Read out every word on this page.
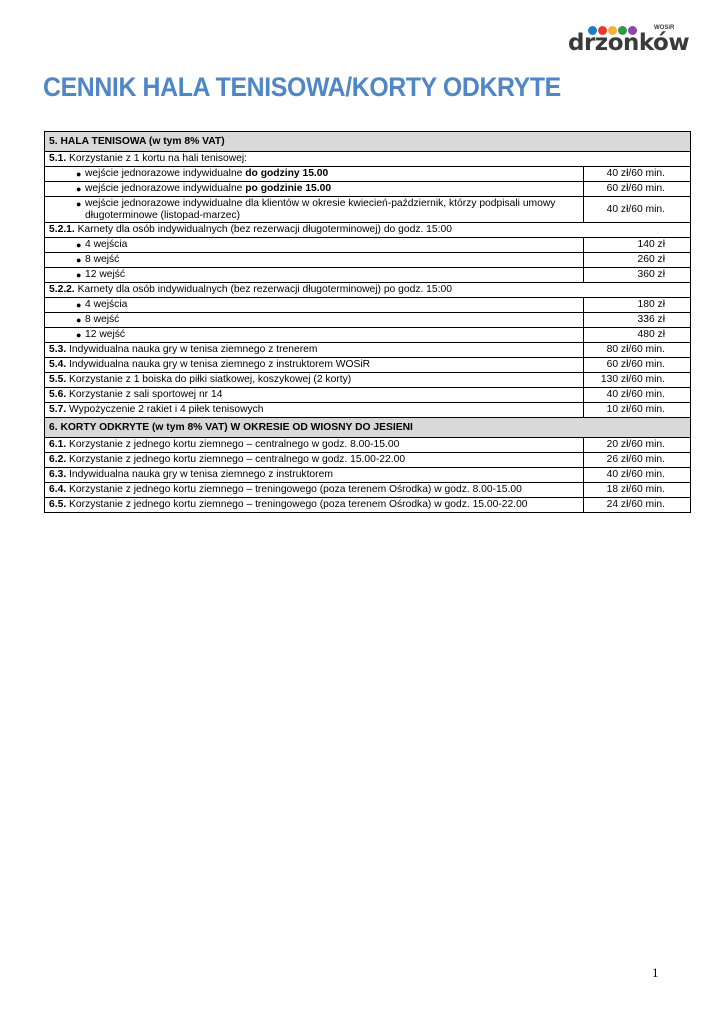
drzonków
WOSiR
CENNIK HALA TENISOWA/KORTY ODKRYTE
5. HALA TENISOWA (w tym 8% VAT)	
5.1. Korzystanie z 1 kortu na hali tenisowej:	

● wejście jednorazowe indywidualne do godziny 15.00	40 zł/60 min.

● wejście jednorazowe indywidualne po godzinie 15.00	60 zł/60 min.

● wejście jednorazowe indywidualne dla klientów w okresie kwiecień-październik, którzy podpisali umowy długoterminowe (listopad-marzec)	40 zł/60 min.
5.2.1. Karnety dla osób indywidualnych (bez rezerwacji długoterminowej) do godz. 15:00	

● 4 wejścia	140 zł

● 8 wejść	260 zł

● 12 wejść	360 zł
5.2.2. Karnety dla osób indywidualnych (bez rezerwacji długoterminowej) po godz. 15:00	

● 4 wejścia	180 zł

● 8 wejść	336 zł

● 12 wejść	480 zł
5.3. Indywidualna nauka gry w tenisa ziemnego z trenerem	80 zł/60 min.
5.4. Indywidualna nauka gry w tenisa ziemnego z instruktorem WOSiR	60 zł/60 min.
5.5. Korzystanie z 1 boiska do piłki siatkowej, koszykowej (2 korty)	130 zł/60 min.
5.6. Korzystanie z sali sportowej nr 14	40 zł/60 min.
5.7. Wypożyczenie 2 rakiet i 4 piłek tenisowych	10 zł/60 min.
6. KORTY ODKRYTE (w tym 8% VAT) W OKRESIE OD WIOSNY DO JESIENI	
6.1. Korzystanie z jednego kortu ziemnego – centralnego w godz. 8.00-15.00	20 zł/60 min.
6.2. Korzystanie z jednego kortu ziemnego – centralnego w godz. 15.00-22.00	26 zł/60 min.
6.3. Indywidualna nauka gry w tenisa ziemnego z instruktorem	40 zł/60 min.
6.4. Korzystanie z jednego kortu ziemnego – treningowego (poza terenem Ośrodka) w godz. 8.00-15.00	18 zł/60 min.
6.5. Korzystanie z jednego kortu ziemnego – treningowego (poza terenem Ośrodka) w godz. 15.00-22.00	24 zł/60 min.
1
